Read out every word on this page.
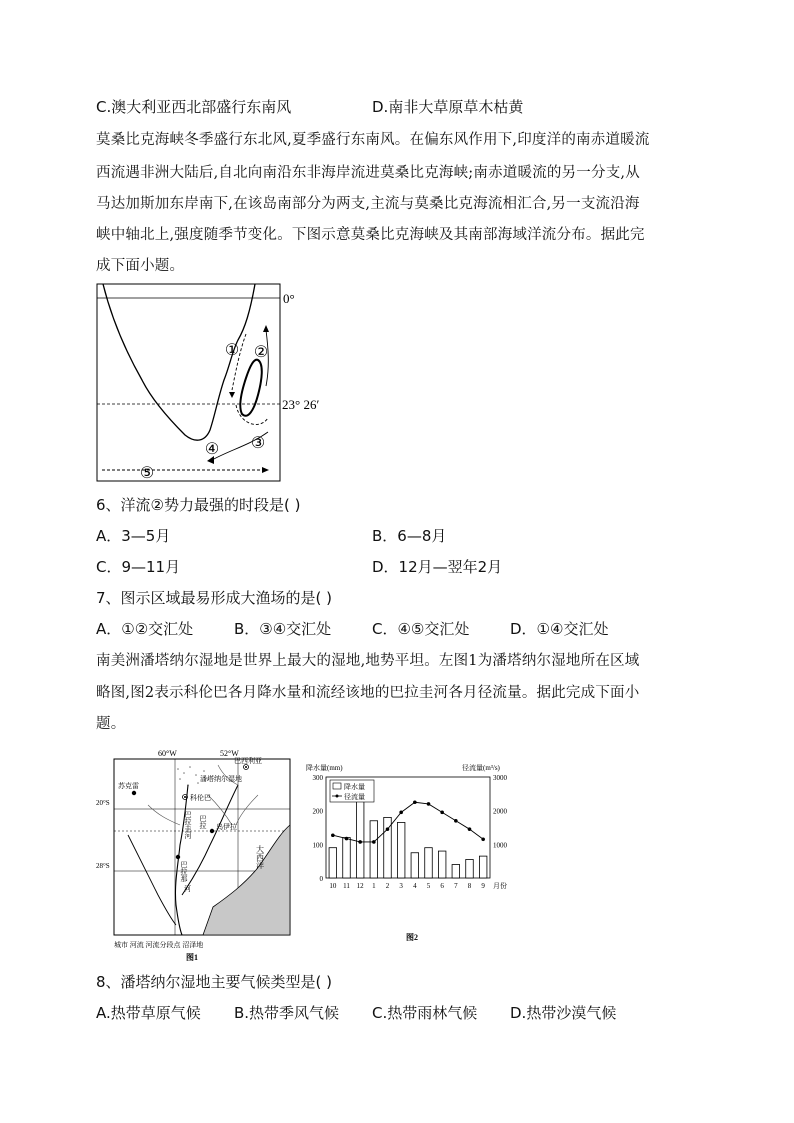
C.澳大利亚西北部盛行东南风	D.南非大草原草木枯黄
莫桑比克海峡冬季盛行东北风,夏季盛行东南风。在偏东风作用下,印度洋的南赤道暖流
西流遇非洲大陆后,自北向南沿东非海岸流进莫桑比克海峡;南赤道暖流的另一分支,从
马达加斯加东岸南下,在该岛南部分为两支,主流与莫桑比克海流相汇合,另一支流沿海
峡中轴北上,强度随季节变化。下图示意莫桑比克海峡及其南部海域洋流分布。据此完
成下面小题。
① ②
③
④
⑤
0°
23° 26′
6、洋流②势力最强的时段是( )
A．3—5月	B．6—8月
C．9—11月	D．12月—翌年2月
7、图示区域最易形成大渔场的是( )
A．①②交汇处	B．③④交汇处	C．④⑤交汇处	D．①④交汇处
南美洲潘塔纳尔湿地是世界上最大的湿地,地势平坦。左图1为潘塔纳尔湿地所在区域
略图,图2表示科伦巴各月降水量和流经该地的巴拉圭河各月径流量。据此完成下面小
题。
60°W	52°W
20°S
28°S
巴西利亚
苏克雷
潘塔纳尔湿地
科伦巴
乌伊拉
巴拉圭河 巴拉
巴拉那
河
大西洋
城市 河流 河流分段点 沼泽地
图1
降水量(mm)	径流量(m³/s)
0
100
200
300
1000
2000
3000
10 11 12 1 2 3 4 5 6 7 8 9 月份
降水量
径流量
图2
8、潘塔纳尔湿地主要气候类型是( )
A.热带草原气候 B.热带季风气候 C.热带雨林气候 D.热带沙漠气候
